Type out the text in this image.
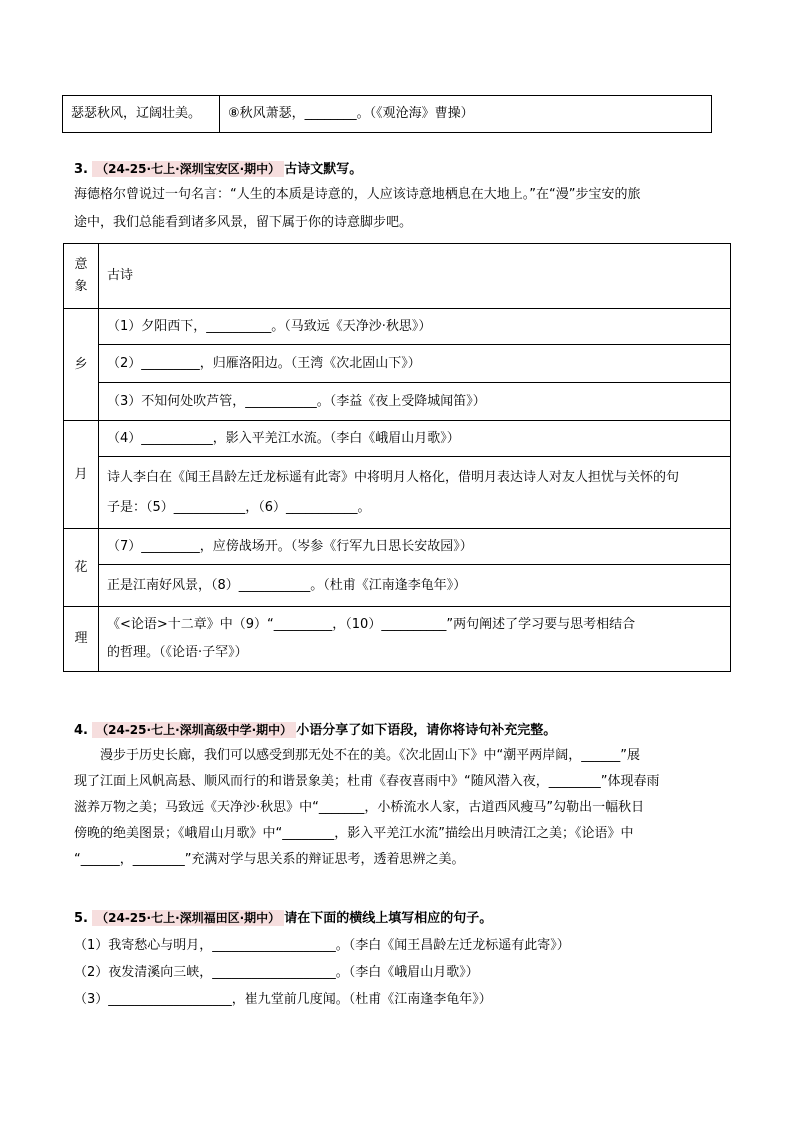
瑟瑟秋风，辽阔壮美。	⑧秋风萧瑟，________。（《观沧海》曹操）
3. （24-25·七上·深圳宝安区·期中） 古诗文默写。
海德格尔曾说过一句名言：“人生的本质是诗意的，人应该诗意地栖息在大地上。”在“漫”步宝安的旅
途中，我们总能看到诸多风景，留下属于你的诗意脚步吧。
意
象	古诗
乡	（1）夕阳西下，__________。（马致远《天净沙·秋思》）
	（2）_________，归雁洛阳边。（王湾《次北固山下》）
	（3）不知何处吹芦管，___________。（李益《夜上受降城闻笛》）
月	（4）___________，影入平羌江水流。（李白《峨眉山月歌》）

	诗人李白在《闻王昌龄左迁龙标遥有此寄》中将明月人格化，借明月表达诗人对友人担忧与关怀的句
子是：（5）___________，（6）___________。

花	（7）_________，应傍战场开。（岑参《行军九日思长安故园》）
	正是江南好风景，（8）___________。（杜甫《江南逢李龟年》）
理	《<论语>十二章》中（9）“_________，（10）__________”两句阐述了学习要与思考相结合
的哲理。（《论语·子罕》）
4. （24-25·七上·深圳高级中学·期中） 小语分享了如下语段，请你将诗句补充完整。
漫步于历史长廊，我们可以感受到那无处不在的美。《次北固山下》中“潮平两岸阔，______”展
现了江面上风帆高悬、顺风而行的和谐景象美；杜甫《春夜喜雨中》“随风潜入夜，________”体现春雨
滋养万物之美；马致远《天净沙·秋思》中“_______，小桥流水人家，古道西风瘦马”勾勒出一幅秋日
傍晚的绝美图景；《峨眉山月歌》中“________，影入平羌江水流”描绘出月映清江之美；《论语》中
“______，________”充满对学与思关系的辩证思考，透着思辨之美。
5. （24-25·七上·深圳福田区·期中） 请在下面的横线上填写相应的句子。
（1）我寄愁心与明月，___________________。（李白《闻王昌龄左迁龙标遥有此寄》）
（2）夜发清溪向三峡，___________________。（李白《峨眉山月歌》）
（3）___________________，崔九堂前几度闻。（杜甫《江南逢李龟年》）
